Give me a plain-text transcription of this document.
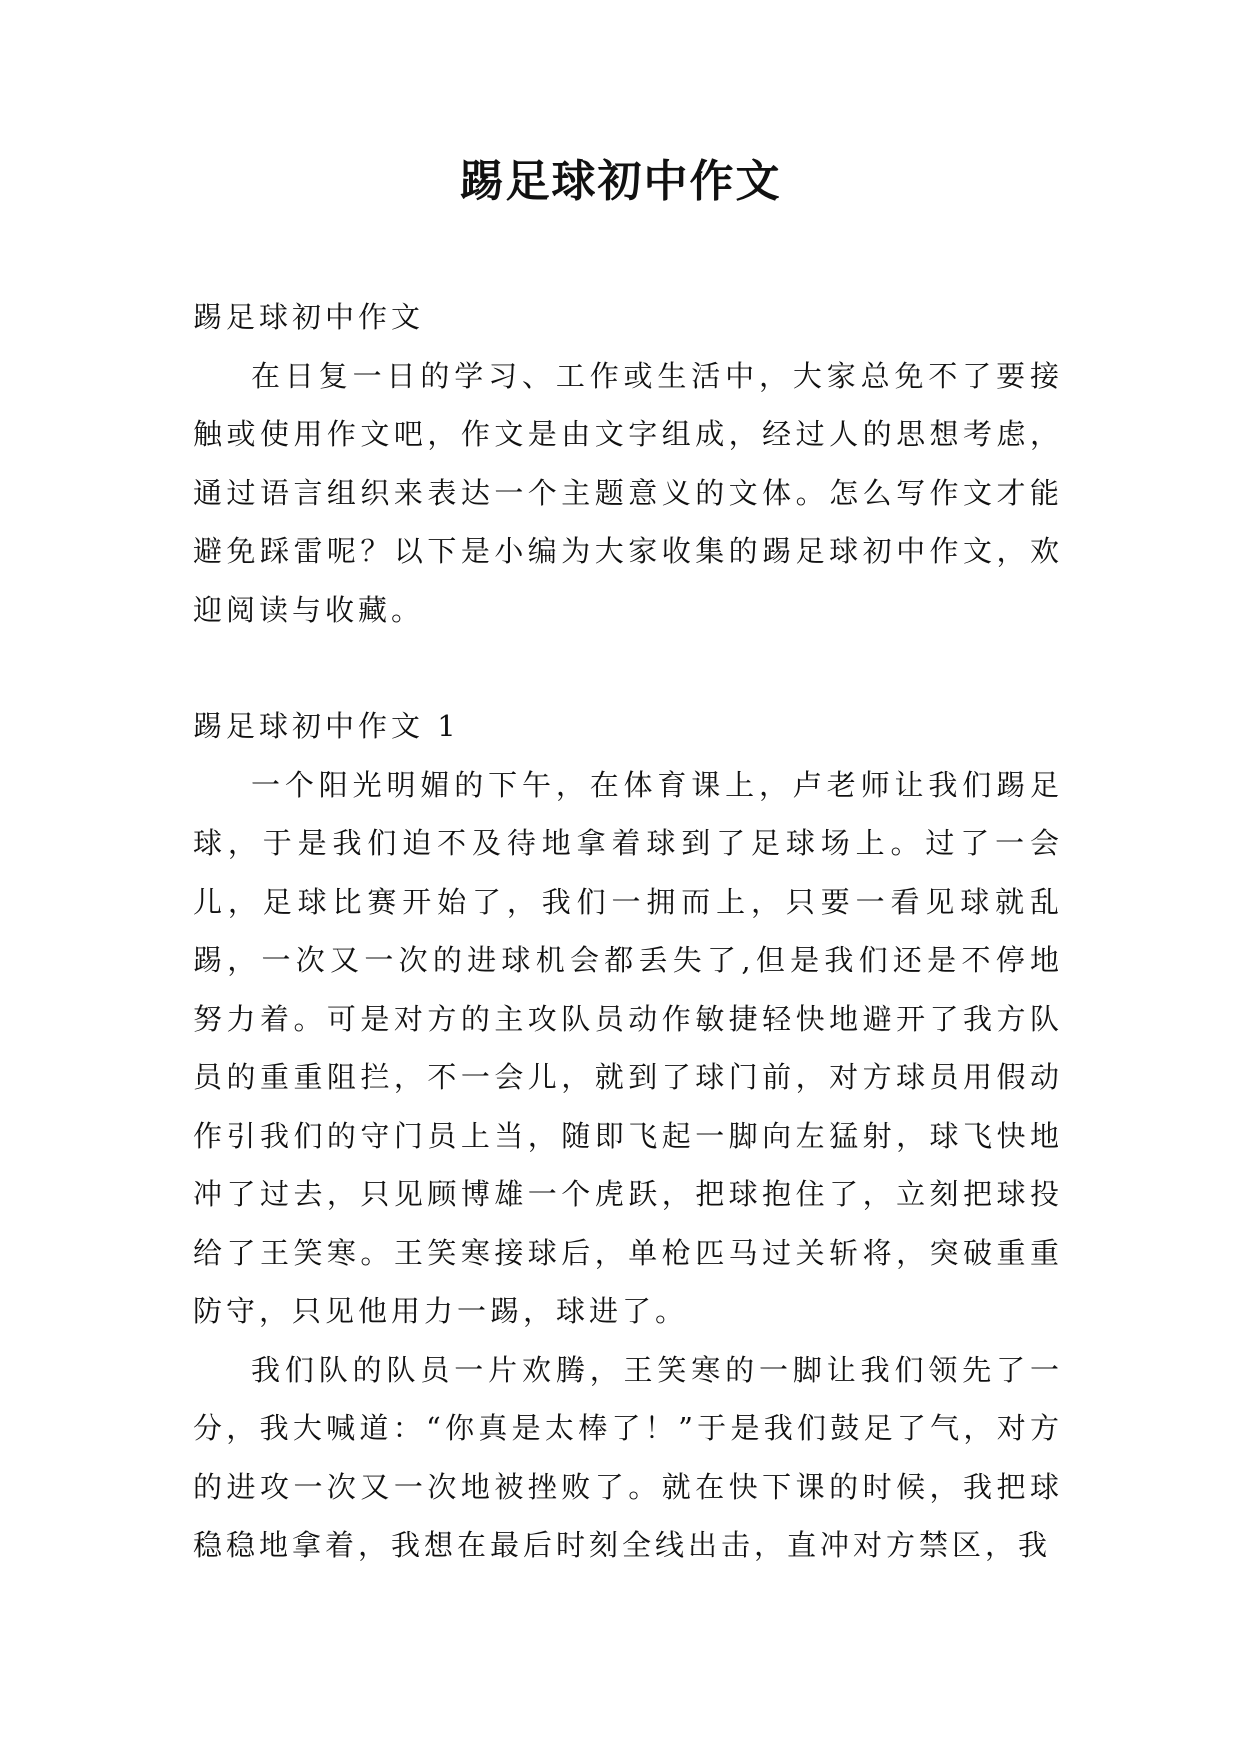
踢足球初中作文

踢足球初中作文

在日复一日的学习、工作或生活中，大家总免不了要接触或使用作文吧，作文是由文字组成，经过人的思想考虑，通过语言组织来表达一个主题意义的文体。怎么写作文才能避免踩雷呢？以下是小编为大家收集的踢足球初中作文，欢迎阅读与收藏。

踢足球初中作文 1

一个阳光明媚的下午，在体育课上，卢老师让我们踢足球，于是我们迫不及待地拿着球到了足球场上。过了一会儿，足球比赛开始了，我们一拥而上，只要一看见球就乱踢，一次又一次的进球机会都丢失了,但是我们还是不停地努力着。可是对方的主攻队员动作敏捷轻快地避开了我方队员的重重阻拦，不一会儿，就到了球门前，对方球员用假动作引我们的守门员上当，随即飞起一脚向左猛射，球飞快地冲了过去，只见顾博雄一个虎跃，把球抱住了，立刻把球投给了王笑寒。王笑寒接球后，单枪匹马过关斩将，突破重重防守，只见他用力一踢，球进了。

我们队的队员一片欢腾，王笑寒的一脚让我们领先了一分，我大喊道：“你真是太棒了！”于是我们鼓足了气，对方的进攻一次又一次地被挫败了。就在快下课的时候，我把球稳稳地拿着，我想在最后时刻全线出击，直冲对方禁区，我
